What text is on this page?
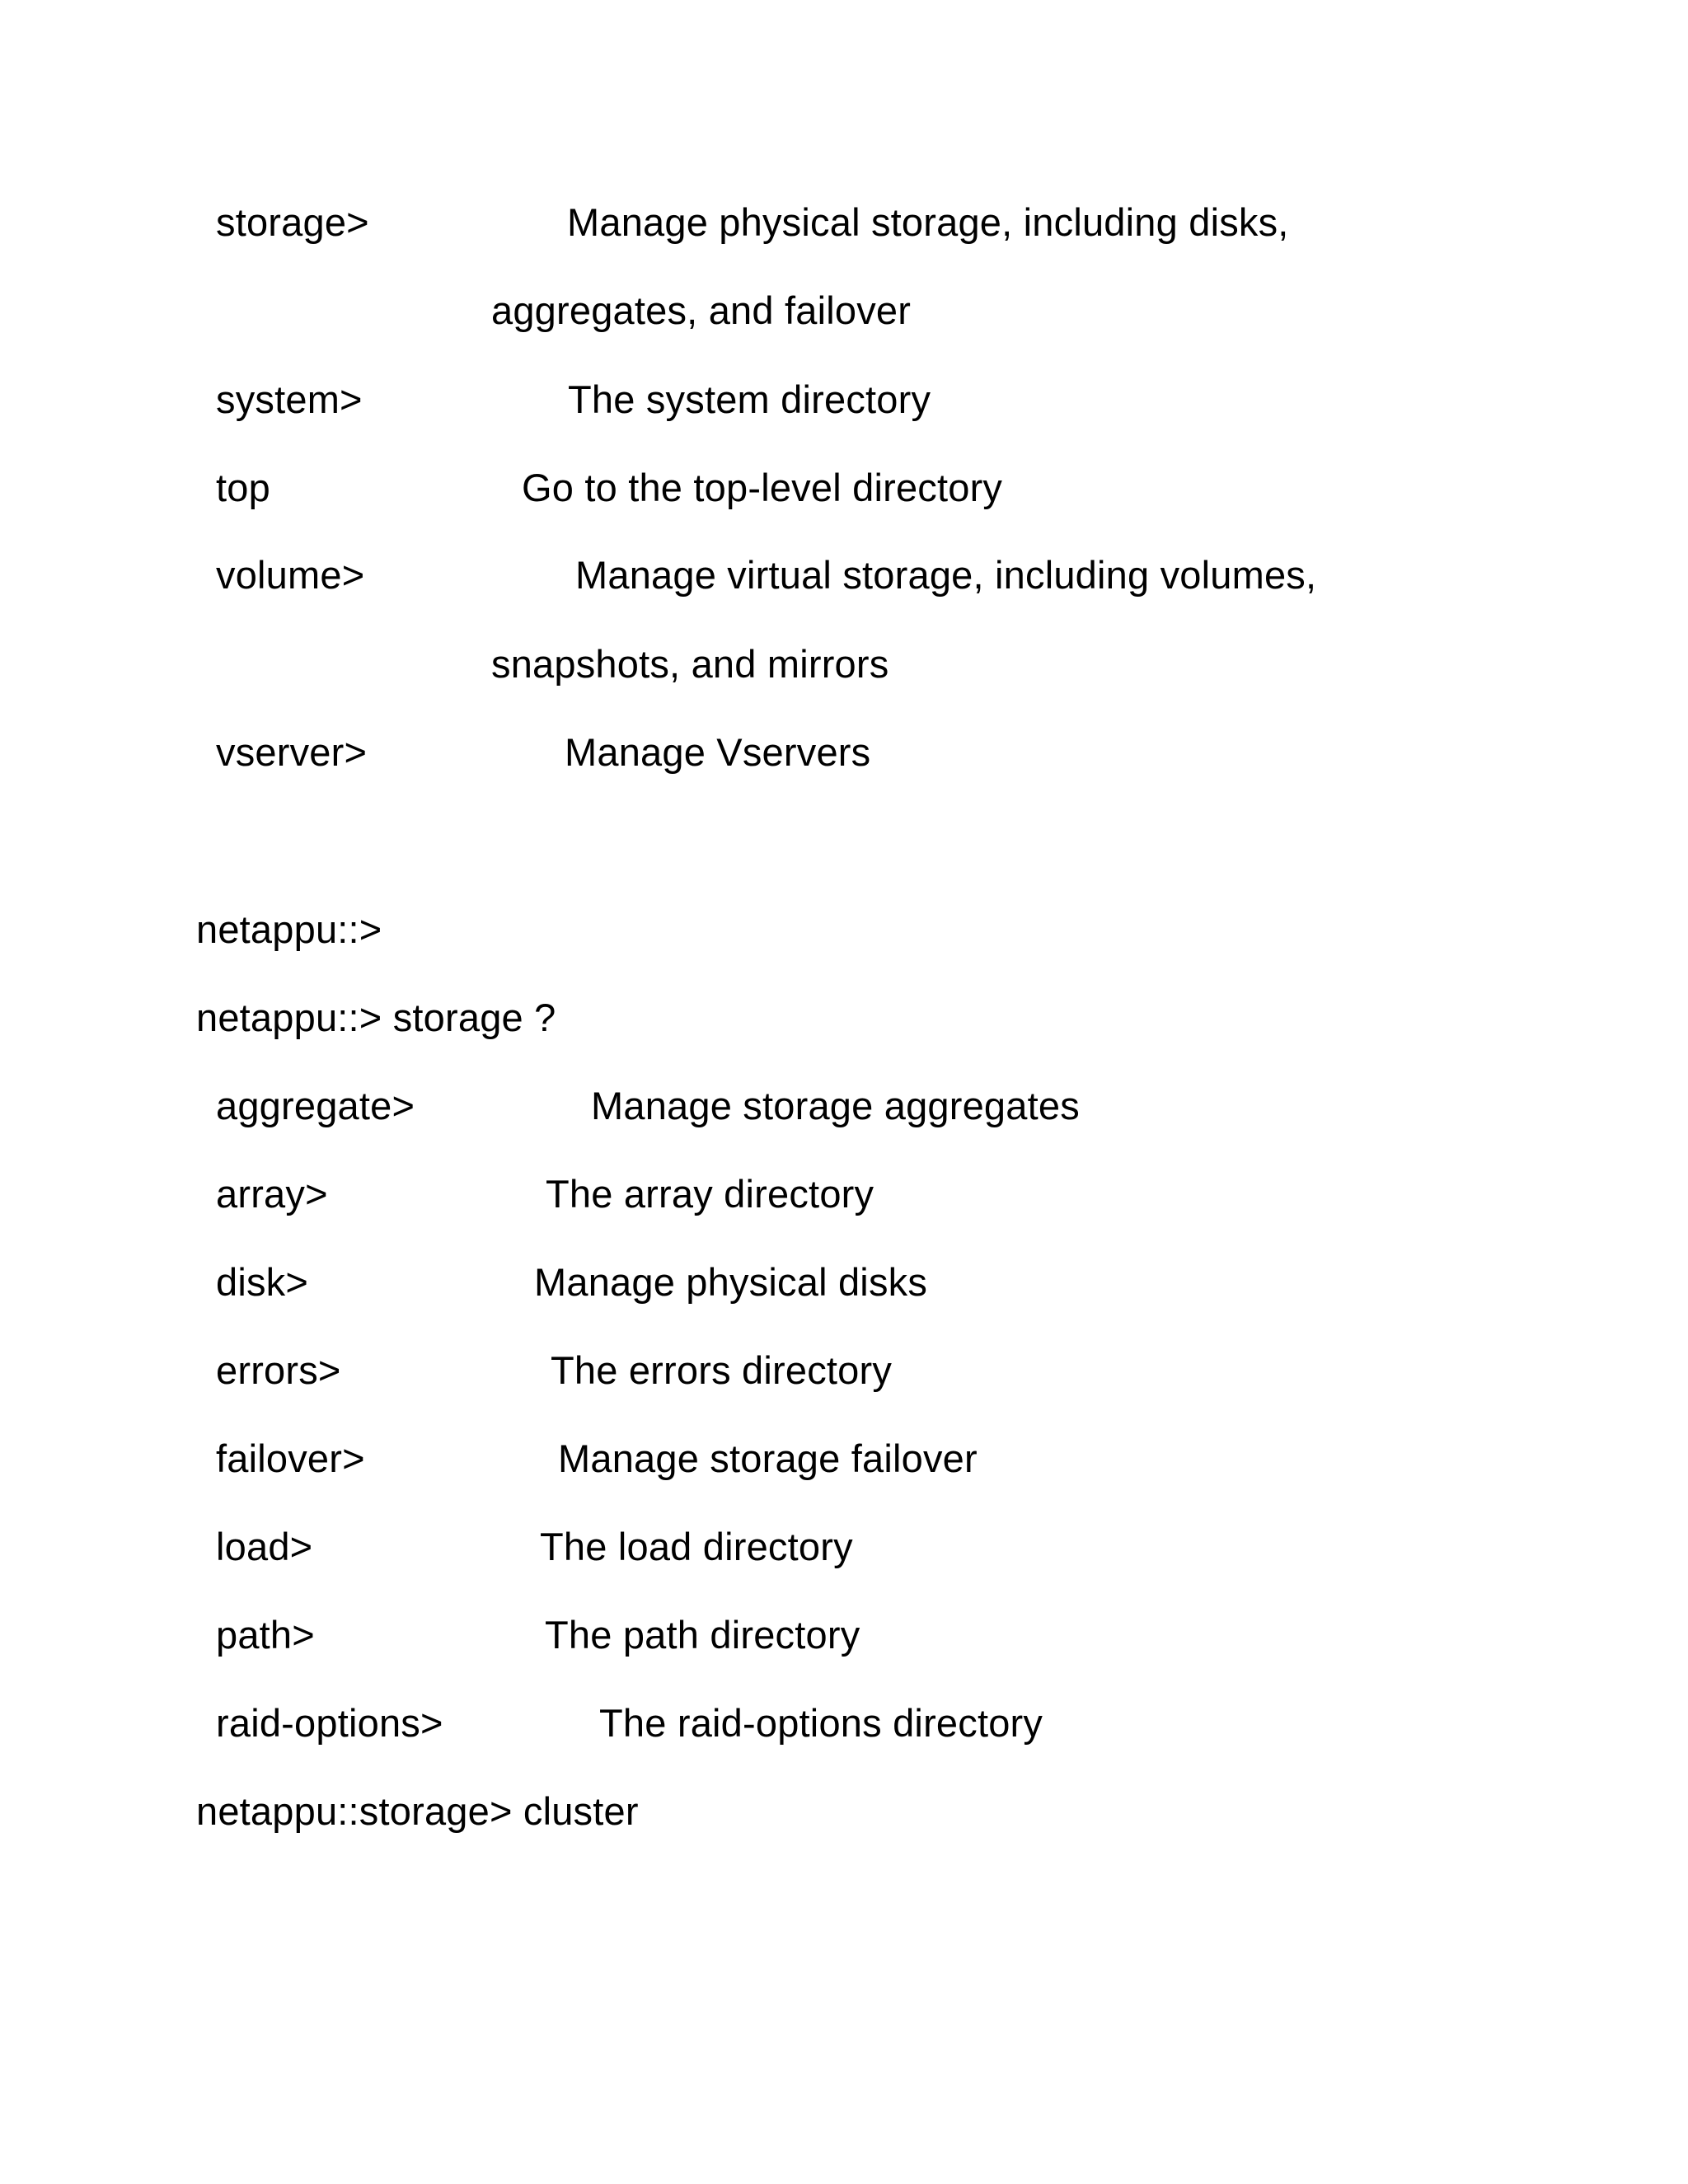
storage>	Manage physical storage, including disks,
aggregates, and failover
system>	The system directory
top	Go to the top-level directory
volume>	Manage virtual storage, including volumes,
snapshots, and mirrors
vserver>	Manage Vservers
netappu::>
netappu::> storage ?
aggregate>	Manage storage aggregates
array>	The array directory
disk>	Manage physical disks
errors>	The errors directory
failover>	Manage storage failover
load>	The load directory
path>	The path directory
raid-options>	The raid-options directory
netappu::storage> cluster
